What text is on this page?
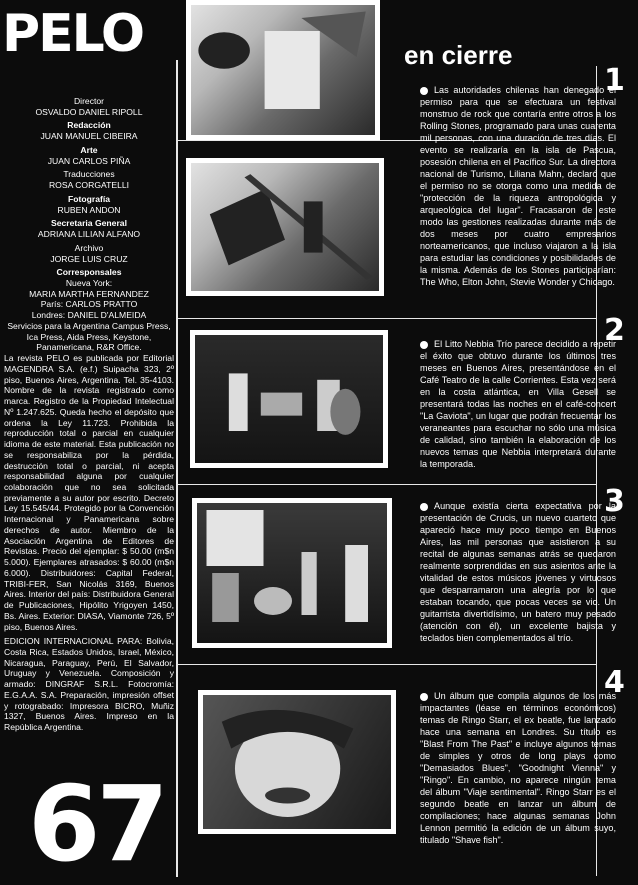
PELO	en cierre
Director
OSVALDO DANIEL RIPOLL
Redacción
JUAN MANUEL CIBEIRA
Arte
JUAN CARLOS PIÑA
Traducciones
ROSA CORGATELLI
Fotografía
RUBEN ANDON
Secretaria General
ADRIANA LILIAN ALFANO
Archivo
JORGE LUIS CRUZ
Corresponsales
Nueva York:
MARIA MARTHA FERNANDEZ
París: CARLOS PRATTO
Londres: DANIEL D'ALMEIDA
Servicios para la Argentina Campus Press, Ica Press, Aida Press, Keystone, Panamericana, R&R Office.

La revista PELO es publicada por Editorial MAGENDRA S.A. (e.f.) Suipacha 323, 2º piso, Buenos Aires, Argentina. Tel. 35-4103. Nombre de la revista registrado como marca. Registro de la Propiedad Intelectual Nº 1.247.625. Queda hecho el depósito que ordena la Ley 11.723. Prohibida la reproducción total o parcial en cualquier idioma de este material. Esta publicación no se responsabiliza por la pérdida, destrucción total o parcial, ni acepta responsabilidad alguna por cualquier colaboración que no sea solicitada previamente a su autor por escrito. Decreto Ley 15.545/44. Protegido por la Convención Internacional y Panamericana sobre derechos de autor. Miembro de la Asociación Argentina de Editores de Revistas. Precio del ejemplar: $ 50.00 (m$n 5.000). Ejemplares atrasados: $ 60.00 (m$n 6.000). Distribuidores: Capital Federal, TRIBI-FER, San Nicolás 3169, Buenos Aires. Interior del país: Distribuidora General de Publicaciones, Hipólito Yrigoyen 1450, Bs. Aires. Exterior: DIASA, Viamonte 726, 5º piso, Buenos Aires.

EDICION INTERNACIONAL PARA: Bolivia, Costa Rica, Estados Unidos, Israel, México, Nicaragua, Paraguay, Perú, El Salvador, Uruguay y Venezuela. Composición y armado: DINGRAF S.R.L. Fotocromía: E.G.A.A. S.A. Preparación, impresión offset y rotograbado: Impresora BICRO, Muñiz 1327, Buenos Aires. Impreso en la República Argentina.

67
1
2
3
4
Las autoridades chilenas han denegado el permiso para que se efectuara un festival monstruo de rock que contaría entre otros a los Rolling Stones, programado para unas cuarenta mil personas, con una duración de tres días. El evento se realizaría en la isla de Pascua, posesión chilena en el Pacífico Sur. La directora nacional de Turismo, Liliana Mahn, declaró que el permiso no se otorga como una medida de "protección de la riqueza antropológica y arqueológica del lugar". Fracasaron de este modo las gestiones realizadas durante más de dos meses por cuatro empresarios norteamericanos, que incluso viajaron a la isla para estudiar las condiciones y posibilidades de la misma. Además de los Stones participarían: The Who, Elton John, Stevie Wonder y Chicago.
El Litto Nebbia Trío parece decidido a repetir el éxito que obtuvo durante los últimos tres meses en Buenos Aires, presentándose en el Café Teatro de la calle Corrientes. Esta vez será en la costa atlántica, en Villa Gesell se presentará todas las noches en el café-concert "La Gaviota", un lugar que podrán frecuentar los veraneantes para escuchar no sólo una música de calidad, sino también la elaboración de los nuevos temas que Nebbia interpretará durante la temporada.
Aunque existía cierta expectativa por la presentación de Crucis, un nuevo cuarteto que apareció hace muy poco tiempo en Buenos Aires, las mil personas que asistieron a su recital de algunas semanas atrás se quedaron realmente sorprendidas en sus asientos ante la vitalidad de estos músicos jóvenes y virtuosos que desparramaron una alegría por lo que estaban tocando, que pocas veces se vio. Un guitarrista divertidísimo, un batero muy pesado (atención con él), un excelente bajista y teclados bien complementados al trío.
Un álbum que compila algunos de los más impactantes (léase en términos económicos) temas de Ringo Starr, el ex beatle, fue lanzado hace una semana en Londres. Su título es "Blast From The Past" e incluye algunos temas de simples y otros de long plays como "Demasiados Blues", "Goodnight Vienna" y "Ringo". En cambio, no aparece ningún tema del álbum "Viaje sentimental". Ringo Starr es el segundo beatle en lanzar un álbum de compilaciones; hace algunas semanas John Lennon permitió la edición de un álbum suyo, titulado "Shave fish".
